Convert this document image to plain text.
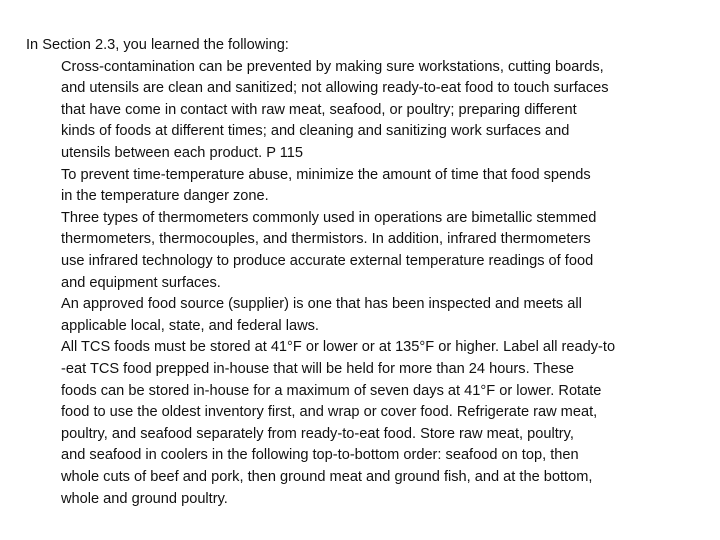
In Section 2.3, you learned the following:
Cross-contamination can be prevented by making sure workstations, cutting boards,
and utensils are clean and sanitized; not allowing ready-to-eat food to touch surfaces
that have come in contact with raw meat, seafood, or poultry; preparing different
kinds of foods at different times; and cleaning and sanitizing work surfaces and
utensils between each product. P 115
To prevent time-temperature abuse, minimize the amount of time that food spends
in the temperature danger zone.
Three types of thermometers commonly used in operations are bimetallic stemmed
thermometers, thermocouples, and thermistors. In addition, infrared thermometers
use infrared technology to produce accurate external temperature readings of food
and equipment surfaces.
An approved food source (supplier) is one that has been inspected and meets all
applicable local, state, and federal laws.
All TCS foods must be stored at 41°F or lower or at 135°F or higher. Label all ready-to
-eat TCS food prepped in-house that will be held for more than 24 hours. These
foods can be stored in-house for a maximum of seven days at 41°F or lower. Rotate
food to use the oldest inventory first, and wrap or cover food. Refrigerate raw meat,
poultry, and seafood separately from ready-to-eat food. Store raw meat, poultry,
and seafood in coolers in the following top-to-bottom order: seafood on top, then
whole cuts of beef and pork, then ground meat and ground fish, and at the bottom,
whole and ground poultry.
